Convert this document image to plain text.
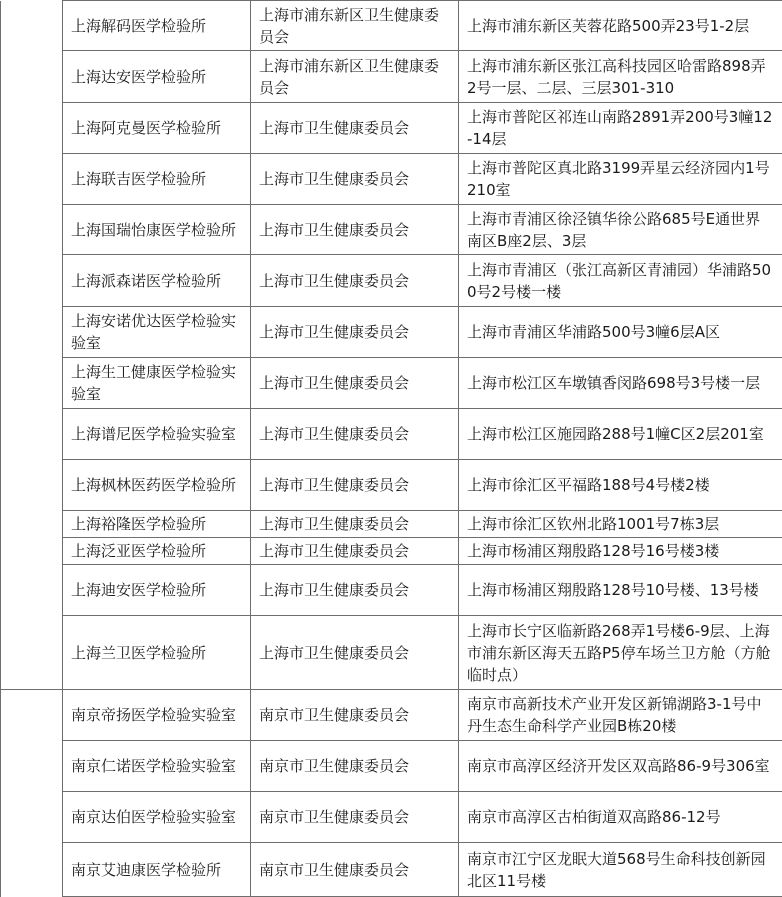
	上海解码医学检验所	上海市浦东新区卫生健康委员会	上海市浦东新区芙蓉花路500弄23号1-2层
	上海达安医学检验所	上海市浦东新区卫生健康委员会	上海市浦东新区张江高科技园区哈雷路898弄2号一层、二层、三层301-310
	上海阿克曼医学检验所	上海市卫生健康委员会	上海市普陀区祁连山南路2891弄200号3幢12-14层
	上海联吉医学检验所	上海市卫生健康委员会	上海市普陀区真北路3199弄星云经济园内1号210室
	上海国瑞怡康医学检验所	上海市卫生健康委员会	上海市青浦区徐泾镇华徐公路685号E通世界南区B座2层、3层
	上海派森诺医学检验所	上海市卫生健康委员会	上海市青浦区（张江高新区青浦园）华浦路500号2号楼一楼
	上海安诺优达医学检验实验室	上海市卫生健康委员会	上海市青浦区华浦路500号3幢6层A区
	上海生工健康医学检验实验室	上海市卫生健康委员会	上海市松江区车墩镇香闵路698号3号楼一层
	上海谱尼医学检验实验室	上海市卫生健康委员会	上海市松江区施园路288号1幢C区2层201室
	上海枫林医药医学检验所	上海市卫生健康委员会	上海市徐汇区平福路188号4号楼2楼
	上海裕隆医学检验所	上海市卫生健康委员会	上海市徐汇区钦州北路1001号7栋3层
	上海泛亚医学检验所	上海市卫生健康委员会	上海市杨浦区翔殷路128号16号楼3楼
	上海迪安医学检验所	上海市卫生健康委员会	上海市杨浦区翔殷路128号10号楼、13号楼
	上海兰卫医学检验所	上海市卫生健康委员会	上海市长宁区临新路268弄1号楼6-9层、上海市浦东新区海天五路P5停车场兰卫方舱（方舱临时点）
	南京帝扬医学检验实验室	南京市卫生健康委员会	南京市高新技术产业开发区新锦湖路3-1号中丹生态生命科学产业园B栋20楼
	南京仁诺医学检验实验室	南京市卫生健康委员会	南京市高淳区经济开发区双高路86-9号306室
	南京达伯医学检验实验室	南京市卫生健康委员会	南京市高淳区古柏街道双高路86-12号
	南京艾迪康医学检验所	南京市卫生健康委员会	南京市江宁区龙眠大道568号生命科技创新园北区11号楼
